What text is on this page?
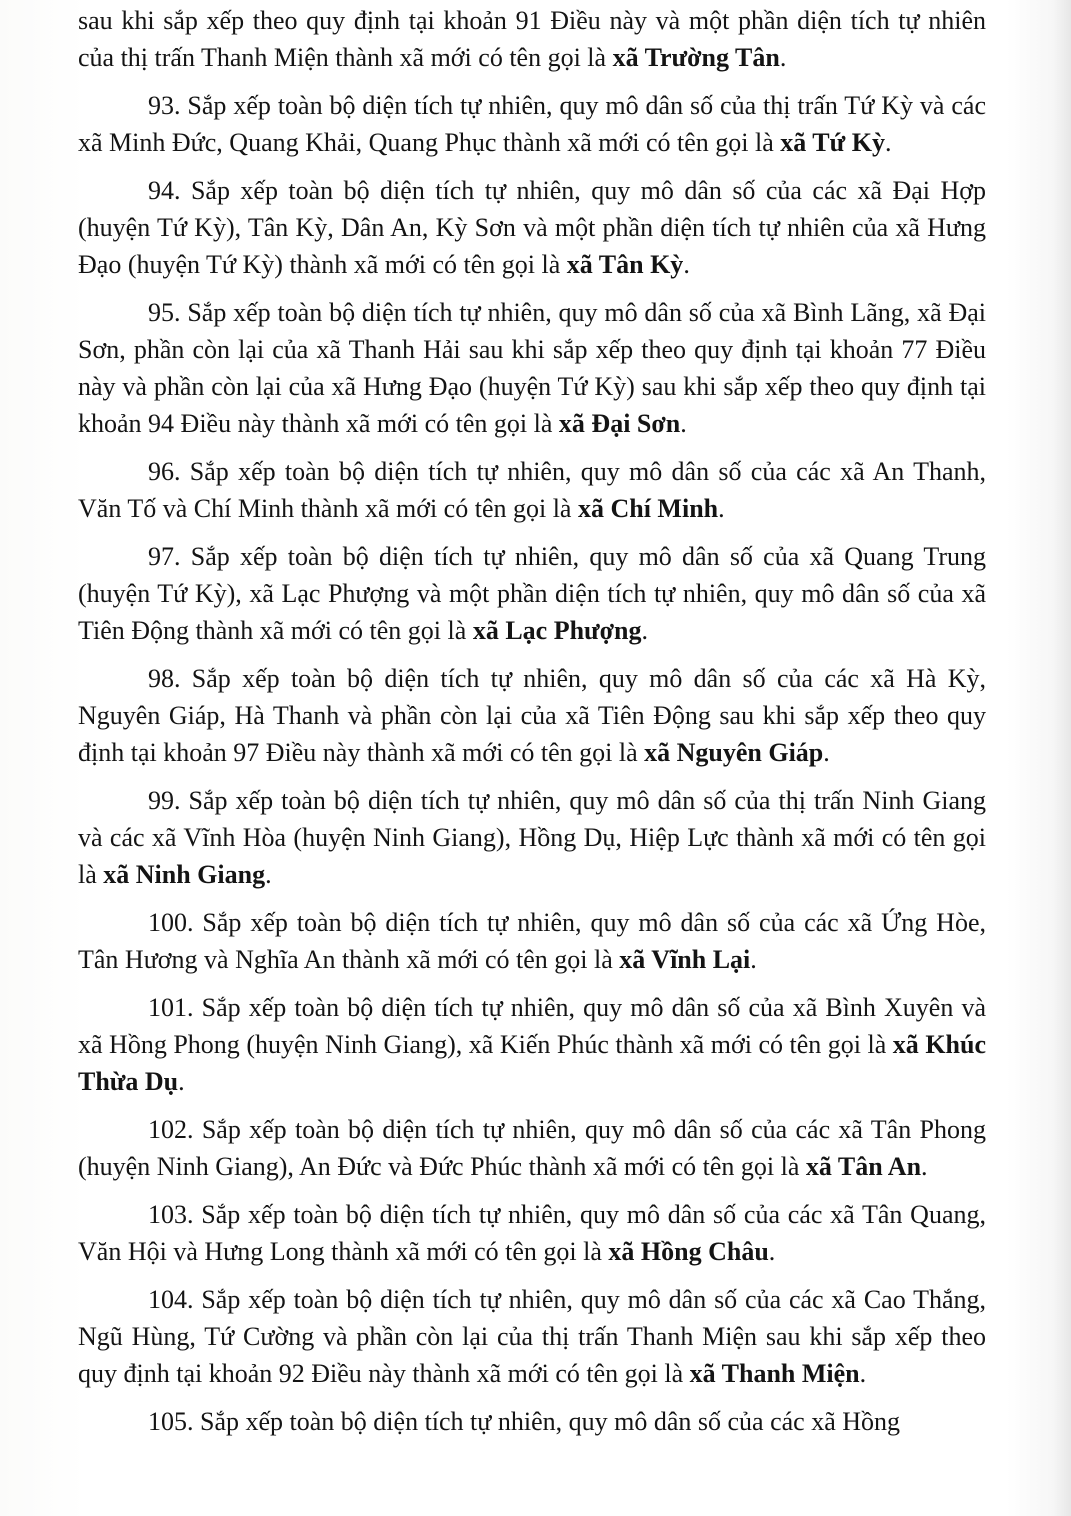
sau khi sắp xếp theo quy định tại khoản 91 Điều này và một phần diện tích tự nhiên của thị trấn Thanh Miện thành xã mới có tên gọi là xã Trường Tân.

93. Sắp xếp toàn bộ diện tích tự nhiên, quy mô dân số của thị trấn Tứ Kỳ và các xã Minh Đức, Quang Khải, Quang Phục thành xã mới có tên gọi là xã Tứ Kỳ.

94. Sắp xếp toàn bộ diện tích tự nhiên, quy mô dân số của các xã Đại Hợp (huyện Tứ Kỳ), Tân Kỳ, Dân An, Kỳ Sơn và một phần diện tích tự nhiên của xã Hưng Đạo (huyện Tứ Kỳ) thành xã mới có tên gọi là xã Tân Kỳ.

95. Sắp xếp toàn bộ diện tích tự nhiên, quy mô dân số của xã Bình Lãng, xã Đại Sơn, phần còn lại của xã Thanh Hải sau khi sắp xếp theo quy định tại khoản 77 Điều này và phần còn lại của xã Hưng Đạo (huyện Tứ Kỳ) sau khi sắp xếp theo quy định tại khoản 94 Điều này thành xã mới có tên gọi là xã Đại Sơn.

96. Sắp xếp toàn bộ diện tích tự nhiên, quy mô dân số của các xã An Thanh, Văn Tố và Chí Minh thành xã mới có tên gọi là xã Chí Minh.

97. Sắp xếp toàn bộ diện tích tự nhiên, quy mô dân số của xã Quang Trung (huyện Tứ Kỳ), xã Lạc Phượng và một phần diện tích tự nhiên, quy mô dân số của xã Tiên Động thành xã mới có tên gọi là xã Lạc Phượng.

98. Sắp xếp toàn bộ diện tích tự nhiên, quy mô dân số của các xã Hà Kỳ, Nguyên Giáp, Hà Thanh và phần còn lại của xã Tiên Động sau khi sắp xếp theo quy định tại khoản 97 Điều này thành xã mới có tên gọi là xã Nguyên Giáp.

99. Sắp xếp toàn bộ diện tích tự nhiên, quy mô dân số của thị trấn Ninh Giang và các xã Vĩnh Hòa (huyện Ninh Giang), Hồng Dụ, Hiệp Lực thành xã mới có tên gọi là xã Ninh Giang.

100. Sắp xếp toàn bộ diện tích tự nhiên, quy mô dân số của các xã Ứng Hòe, Tân Hương và Nghĩa An thành xã mới có tên gọi là xã Vĩnh Lại.

101. Sắp xếp toàn bộ diện tích tự nhiên, quy mô dân số của xã Bình Xuyên và xã Hồng Phong (huyện Ninh Giang), xã Kiến Phúc thành xã mới có tên gọi là xã Khúc Thừa Dụ.

102. Sắp xếp toàn bộ diện tích tự nhiên, quy mô dân số của các xã Tân Phong (huyện Ninh Giang), An Đức và Đức Phúc thành xã mới có tên gọi là xã Tân An.

103. Sắp xếp toàn bộ diện tích tự nhiên, quy mô dân số của các xã Tân Quang, Văn Hội và Hưng Long thành xã mới có tên gọi là xã Hồng Châu.

104. Sắp xếp toàn bộ diện tích tự nhiên, quy mô dân số của các xã Cao Thắng, Ngũ Hùng, Tứ Cường và phần còn lại của thị trấn Thanh Miện sau khi sắp xếp theo quy định tại khoản 92 Điều này thành xã mới có tên gọi là xã Thanh Miện.

105. Sắp xếp toàn bộ diện tích tự nhiên, quy mô dân số của các xã Hồng
